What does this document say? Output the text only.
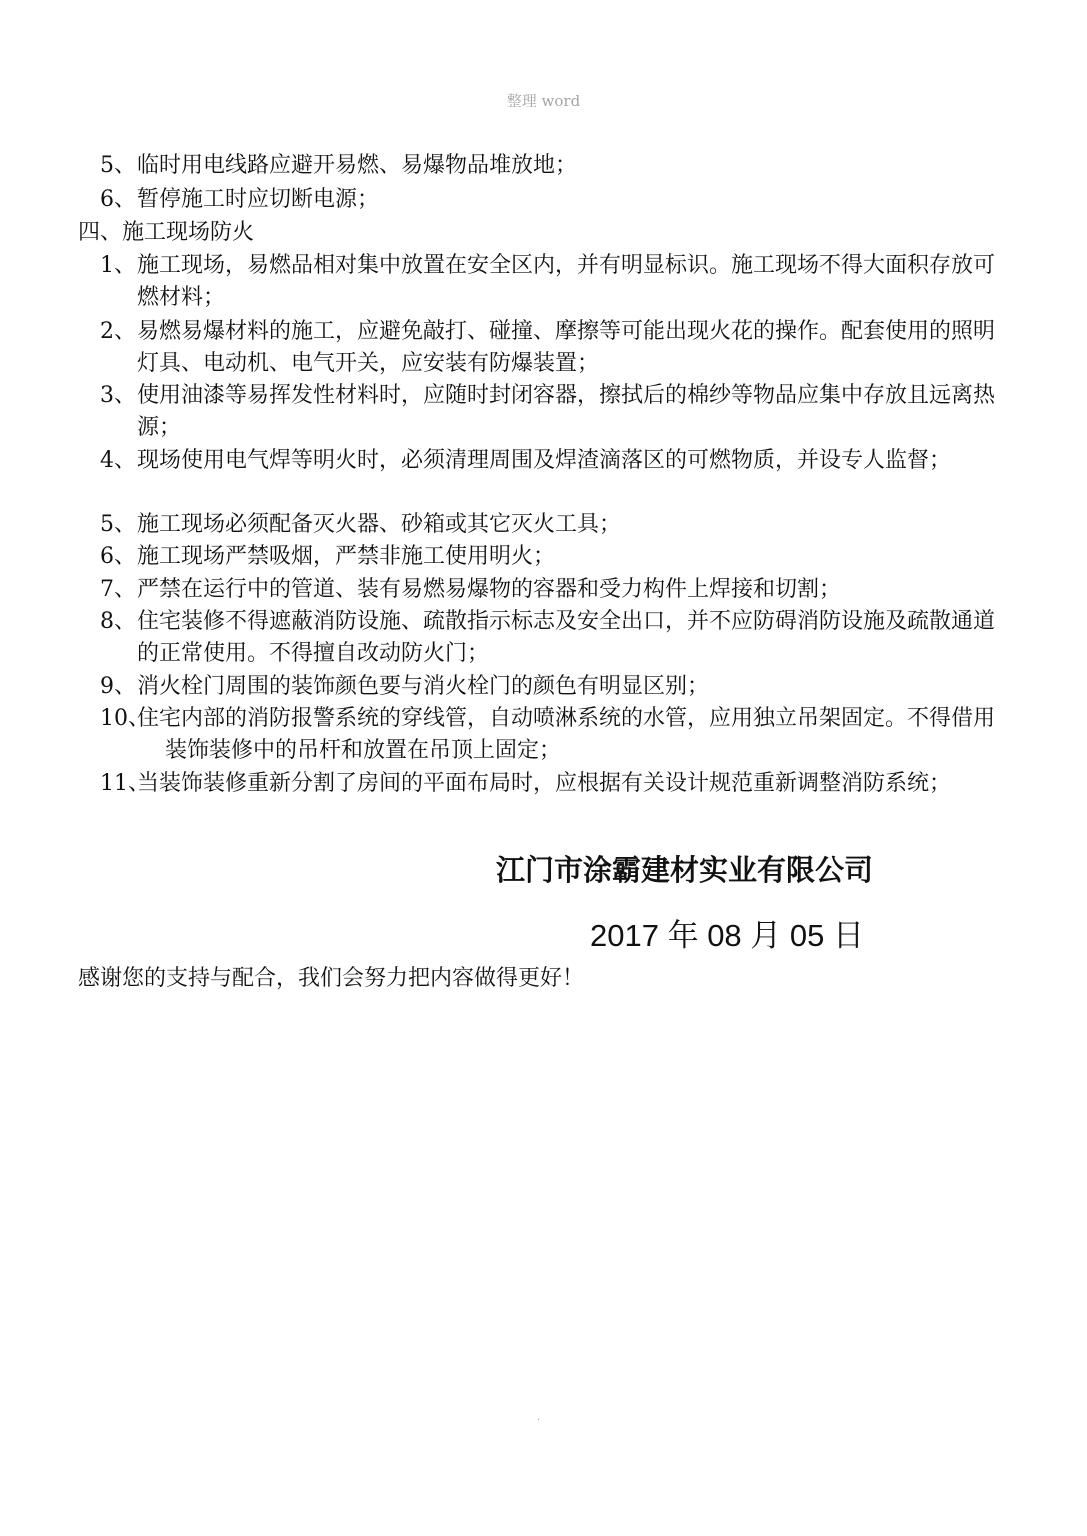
整理 word
5、 临时用电线路应避开易燃、易爆物品堆放地；
6、 暂停施工时应切断电源；
四、施工现场防火
1、 施工现场，易燃品相对集中放置在安全区内，并有明显标识。施工现场不得大面积存放可燃材料；
2、 易燃易爆材料的施工，应避免敲打、碰撞、摩擦等可能出现火花的操作。配套使用的照明灯具、电动机、电气开关，应安装有防爆装置；
3、 使用油漆等易挥发性材料时，应随时封闭容器，擦拭后的棉纱等物品应集中存放且远离热源；
4、 现场使用电气焊等明火时，必须清理周围及焊渣滴落区的可燃物质，并设专人监督；
5、 施工现场必须配备灭火器、砂箱或其它灭火工具；
6、 施工现场严禁吸烟，严禁非施工使用明火；
7、 严禁在运行中的管道、装有易燃易爆物的容器和受力构件上焊接和切割；
8、 住宅装修不得遮蔽消防设施、疏散指示标志及安全出口，并不应防碍消防设施及疏散通道的正常使用。不得擅自改动防火门；
9、 消火栓门周围的装饰颜色要与消火栓门的颜色有明显区别；
10、
住宅内部的消防报警系统的穿线管，自动喷淋系统的水管，应用独立吊架固定。不得借用装饰装修中的吊杆和放置在吊顶上固定；
11、
当装饰装修重新分割了房间的平面布局时，应根据有关设计规范重新调整消防系统；
江门市涂霸建材实业有限公司
2017 年 08 月 05 日
感谢您的支持与配合，我们会努力把内容做得更好！
.
